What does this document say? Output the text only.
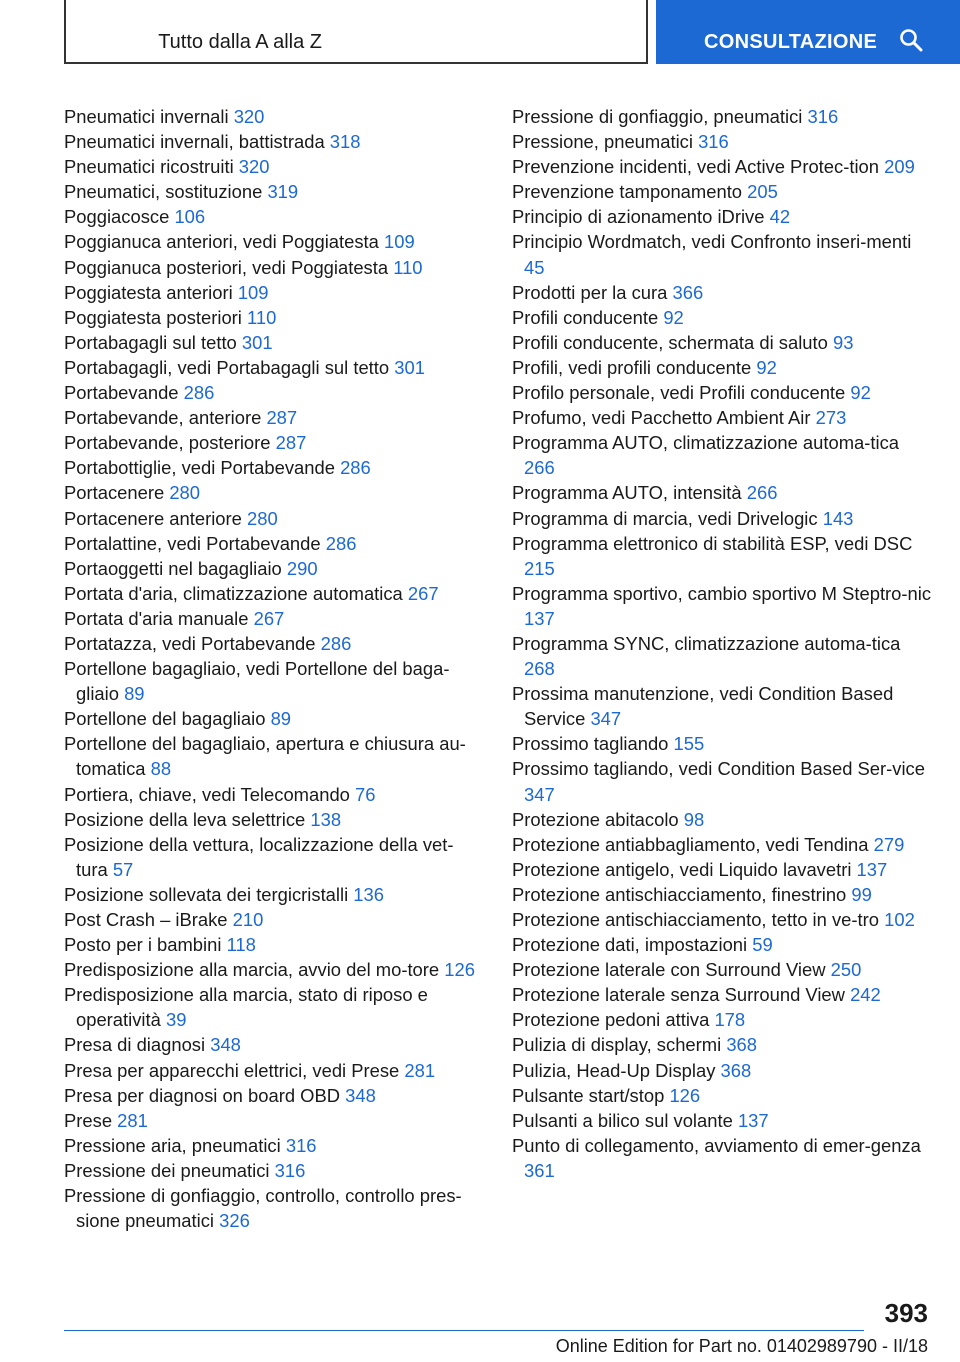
Tutto dalla A alla Z	CONSULTAZIONE
Pneumatici invernali 320
Pneumatici invernali, battistrada 318
Pneumatici ricostruiti 320
Pneumatici, sostituzione 319
Poggiacosce 106
Poggianuca anteriori, vedi Poggiatesta 109
Poggianuca posteriori, vedi Poggiatesta 110
Poggiatesta anteriori 109
Poggiatesta posteriori 110
Portabagagli sul tetto 301
Portabagagli, vedi Portabagagli sul tetto 301
Portabevande 286
Portabevande, anteriore 287
Portabevande, posteriore 287
Portabottiglie, vedi Portabevande 286
Portacenere 280
Portacenere anteriore 280
Portalattine, vedi Portabevande 286
Portaoggetti nel bagagliaio 290
Portata d'aria, climatizzazione automatica 267
Portata d'aria manuale 267
Portatazza, vedi Portabevande 286
Portellone bagagliaio, vedi Portellone del baga-gliaio 89
Portellone del bagagliaio 89
Portellone del bagagliaio, apertura e chiusura au-tomatica 88
Portiera, chiave, vedi Telecomando 76
Posizione della leva selettrice 138
Posizione della vettura, localizzazione della vet-tura 57
Posizione sollevata dei tergicristalli 136
Post Crash – iBrake 210
Posto per i bambini 118
Predisposizione alla marcia, avvio del mo-tore 126
Predisposizione alla marcia, stato di riposo e operatività 39
Presa di diagnosi 348
Presa per apparecchi elettrici, vedi Prese 281
Presa per diagnosi on board OBD 348
Prese 281
Pressione aria, pneumatici 316
Pressione dei pneumatici 316
Pressione di gonfiaggio, controllo, controllo pres-sione pneumatici 326
Pressione di gonfiaggio, pneumatici 316
Pressione, pneumatici 316
Prevenzione incidenti, vedi Active Protec-tion 209
Prevenzione tamponamento 205
Principio di azionamento iDrive 42
Principio Wordmatch, vedi Confronto inseri-menti 45
Prodotti per la cura 366
Profili conducente 92
Profili conducente, schermata di saluto 93
Profili, vedi profili conducente 92
Profilo personale, vedi Profili conducente 92
Profumo, vedi Pacchetto Ambient Air 273
Programma AUTO, climatizzazione automa-tica 266
Programma AUTO, intensità 266
Programma di marcia, vedi Drivelogic 143
Programma elettronico di stabilità ESP, vedi DSC 215
Programma sportivo, cambio sportivo M Steptro-nic 137
Programma SYNC, climatizzazione automa-tica 268
Prossima manutenzione, vedi Condition Based Service 347
Prossimo tagliando 155
Prossimo tagliando, vedi Condition Based Ser-vice 347
Protezione abitacolo 98
Protezione antiabbagliamento, vedi Tendina 279
Protezione antigelo, vedi Liquido lavavetri 137
Protezione antischiacciamento, finestrino 99
Protezione antischiacciamento, tetto in ve-tro 102
Protezione dati, impostazioni 59
Protezione laterale con Surround View 250
Protezione laterale senza Surround View 242
Protezione pedoni attiva 178
Pulizia di display, schermi 368
Pulizia, Head-Up Display 368
Pulsante start/stop 126
Pulsanti a bilico sul volante 137
Punto di collegamento, avviamento di emer-genza 361
393
Online Edition for Part no. 01402989790 - II/18
